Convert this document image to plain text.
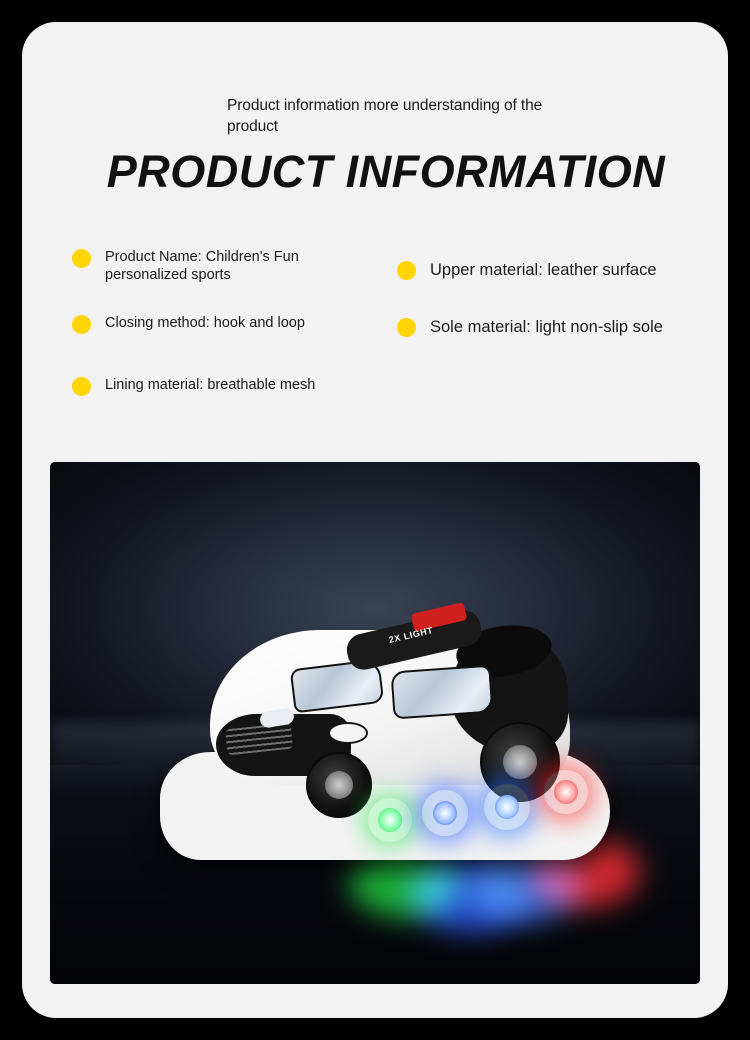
Product information more understanding of the product
PRODUCT INFORMATION
Product Name: Children's Fun personalized sports	Upper material: leather surface
Closing method: hook and loop	Sole material: light non-slip sole
Lining material: breathable mesh
2X LIGHT
